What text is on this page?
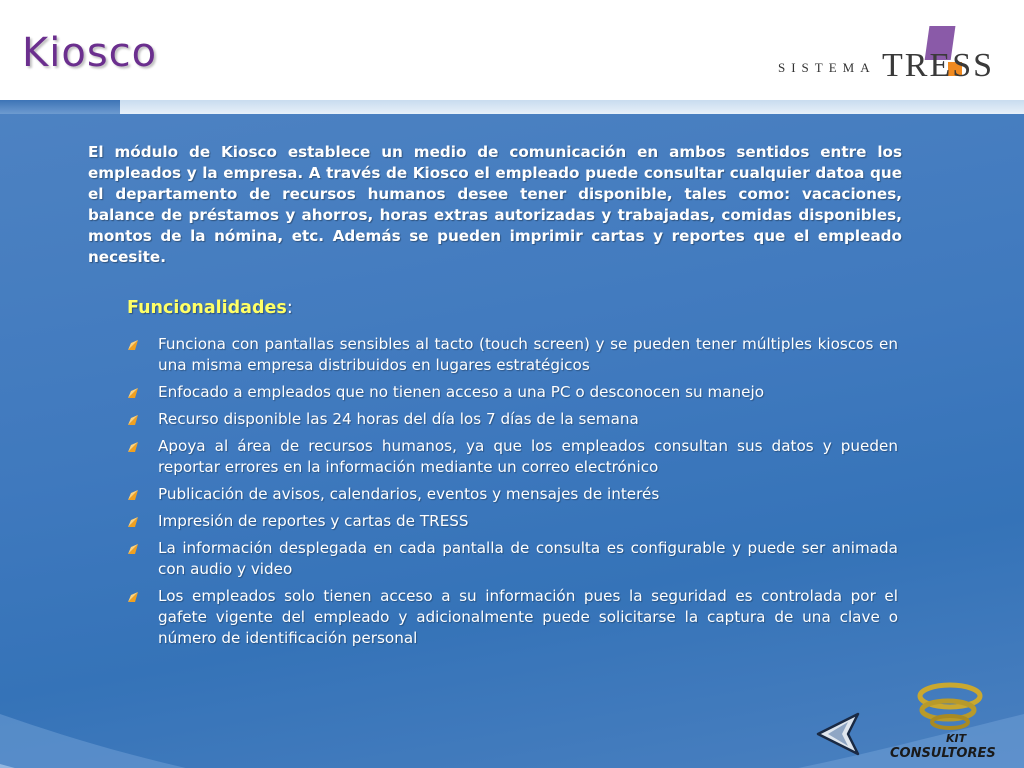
Kiosco	SISTEMA TRESS

El módulo de Kiosco establece un medio de comunicación en ambos sentidos entre los empleados y la empresa. A través de Kiosco el empleado puede consultar cualquier datoa que el departamento de recursos humanos desee tener disponible, tales como: vacaciones, balance de préstamos y ahorros, horas extras autorizadas y trabajadas, comidas disponibles, montos de la nómina, etc. Además se pueden imprimir cartas y reportes que el empleado necesite.

Funcionalidades:
Funciona con pantallas sensibles al tacto (touch screen) y se pueden tener múltiples kioscos en una misma empresa distribuidos en lugares estratégicos
Enfocado a empleados que no tienen acceso a una PC o desconocen su manejo
Recurso disponible las 24 horas del día los 7 días de la semana
Apoya al área de recursos humanos, ya que los empleados consultan sus datos y pueden reportar errores en la información mediante un correo electrónico
Publicación de avisos, calendarios, eventos y mensajes de interés
Impresión de reportes y cartas de TRESS
La información desplegada en cada pantalla de consulta es configurable y puede ser animada con audio y video
Los empleados solo tienen acceso a su información pues la seguridad es controlada por el gafete vigente del empleado y adicionalmente puede solicitarse la captura de una clave o número de identificación personal
KIT
CONSULTORES
